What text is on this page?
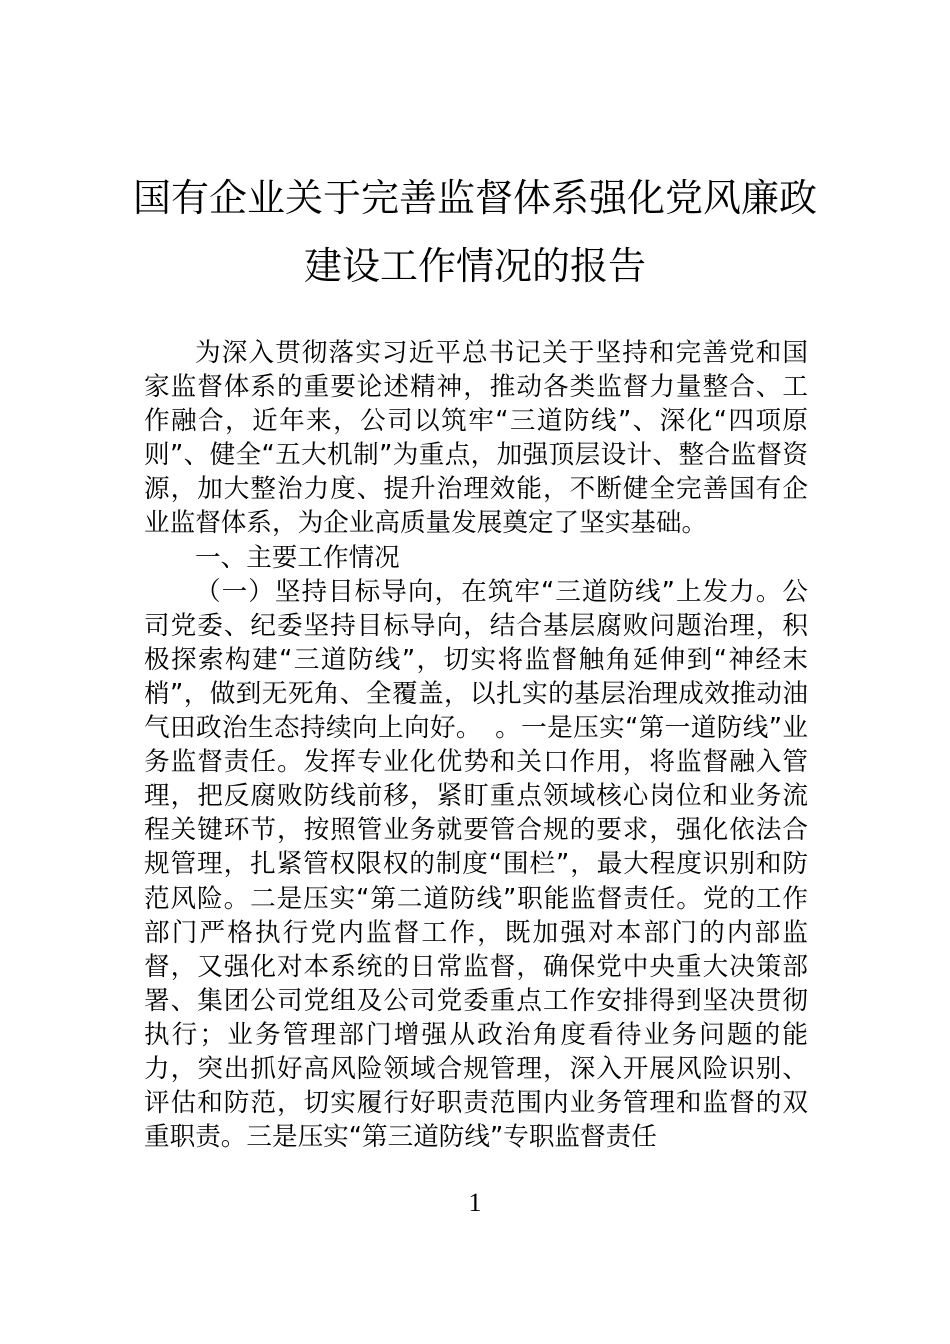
国有企业关于完善监督体系强化党风廉政
建设工作情况的报告

为深入贯彻落实习近平总书记关于坚持和完善党和国家监督体系的重要论述精神，推动各类监督力量整合、工作融合，近年来，公司以筑牢“三道防线”、深化“四项原则”、健全“五大机制”为重点，加强顶层设计、整合监督资源，加大整治力度、提升治理效能，不断健全完善国有企业监督体系，为企业高质量发展奠定了坚实基础。

一、主要工作情况

（一）坚持目标导向，在筑牢“三道防线”上发力。公司党委、纪委坚持目标导向，结合基层腐败问题治理，积极探索构建“三道防线”，切实将监督触角延伸到“神经末梢”，做到无死角、全覆盖，以扎实的基层治理成效推动油气田政治生态持续向上向好。　。一是压实“第一道防线”业务监督责任。发挥专业化优势和关口作用，将监督融入管理，把反腐败防线前移，紧盯重点领域核心岗位和业务流程关键环节，按照管业务就要管合规的要求，强化依法合规管理，扎紧管权限权的制度“围栏”，最大程度识别和防范风险。二是压实“第二道防线”职能监督责任。党的工作部门严格执行党内监督工作，既加强对本部门的内部监督，又强化对本系统的日常监督，确保党中央重大决策部署、集团公司党组及公司党委重点工作安排得到坚决贯彻执行；业务管理部门增强从政治角度看待业务问题的能力，突出抓好高风险领域合规管理，深入开展风险识别、评估和防范，切实履行好职责范围内业务管理和监督的双重职责。三是压实“第三道防线”专职监督责任

1
